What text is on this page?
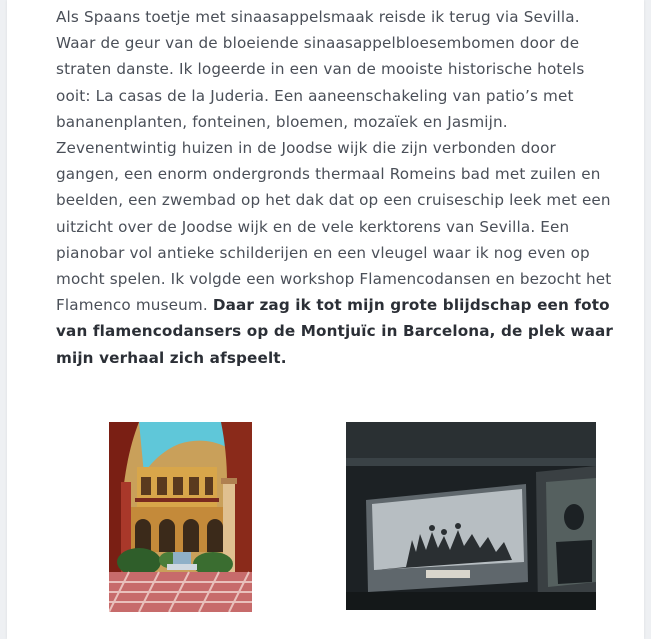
Als Spaans toetje met sinaasappelsmaak reisde ik terug via Sevilla. Waar de geur van de bloeiende sinaasappelbloesembomen door de straten danste. Ik logeerde in een van de mooiste historische hotels ooit: La casas de la Juderia. Een aaneenschakeling van patio’s met bananenplanten, fonteinen, bloemen, mozaïek en Jasmijn. Zevenentwintig huizen in de Joodse wijk die zijn verbonden door gangen, een enorm ondergronds thermaal Romeins bad met zuilen en beelden, een zwembad op het dak dat op een cruiseschip leek met een uitzicht over de Joodse wijk en de vele kerktorens van Sevilla. Een pianobar vol antieke schilderijen en een vleugel waar ik nog even op mocht spelen. Ik volgde een workshop Flamencodansen en bezocht het Flamenco museum. Daar zag ik tot mijn grote blijdschap een foto van flamencodansers op de Montjuïc in Barcelona, de plek waar mijn verhaal zich afspeelt.
